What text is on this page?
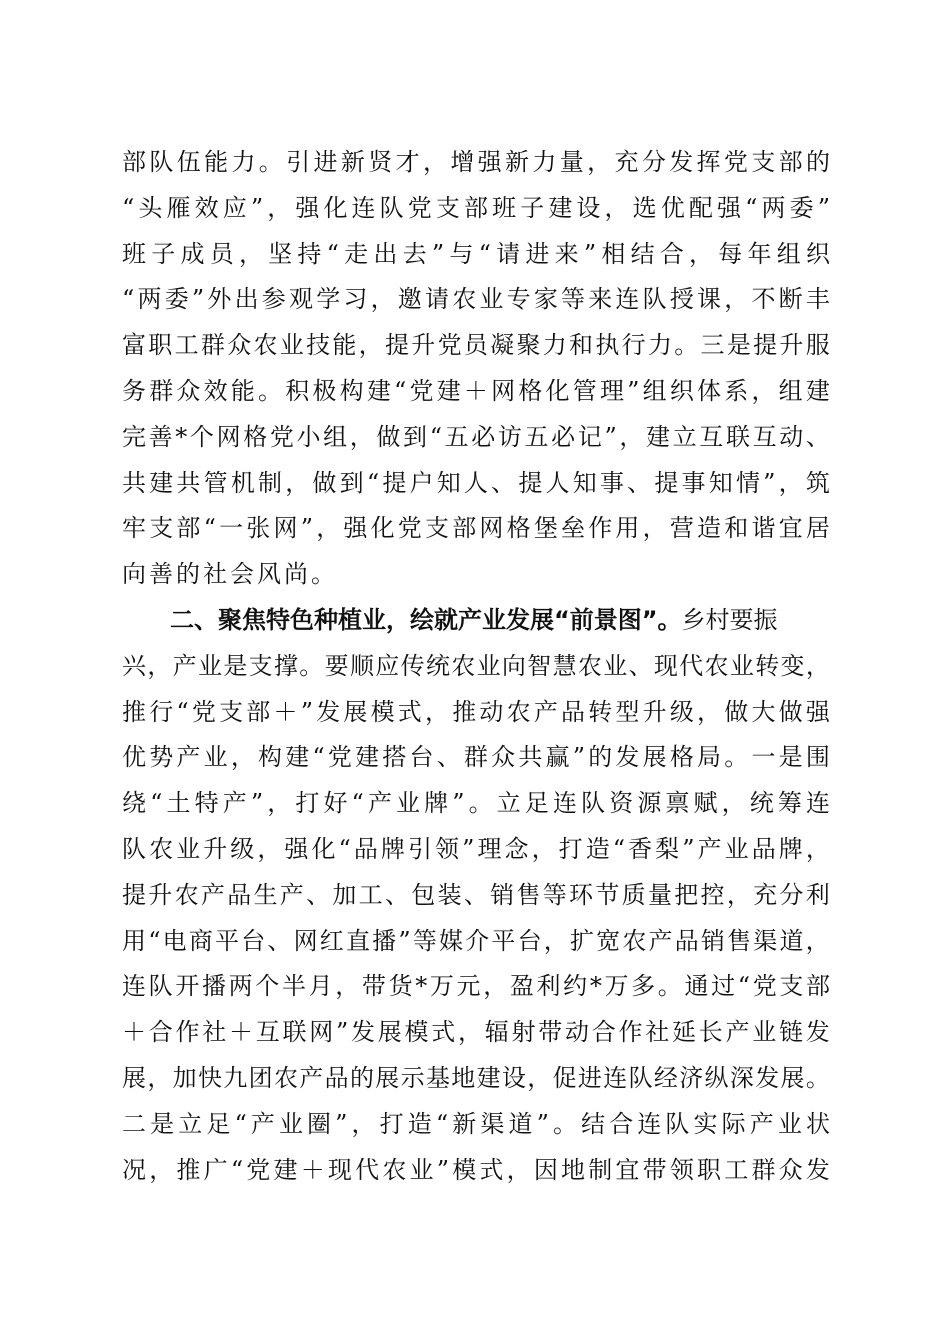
部 队 伍 能 力 。 引 进 新 贤 才 ， 增 强 新 力 量 ， 充 分 发 挥 党 支 部 的
“ 头 雁 效 应 ” ， 强 化 连 队 党 支 部 班 子 建 设 ， 选 优 配 强 “ 两 委 ”
班 子 成 员 ， 坚 持 “ 走 出 去 ” 与 “ 请 进 来 ” 相 结 合 ， 每 年 组 织
“ 两 委 ” 外 出 参 观 学 习 ， 邀 请 农 业 专 家 等 来 连 队 授 课 ， 不 断 丰
富 职 工 群 众 农 业 技 能 ， 提 升 党 员 凝 聚 力 和 执 行 力 。 三 是 提 升 服
务 群 众 效 能 。 积 极 构 建 “ 党 建 ＋ 网 格 化 管 理 ” 组 织 体 系 ， 组 建
完 善 * 个 网 格 党 小 组 ， 做 到 “ 五 必 访 五 必 记 ” ， 建 立 互 联 互 动 、
共 建 共 管 机 制 ， 做 到 “ 提 户 知 人 、 提 人 知 事 、 提 事 知 情 ” ， 筑
牢 支 部 “ 一 张 网 ” ， 强 化 党 支 部 网 格 堡 垒 作 用 ， 营 造 和 谐 宜 居
向善的社会风尚。
二、聚焦特色种植业，绘就产业发展“前景图”。 乡村要振
兴 ， 产 业 是 支 撑 。 要 顺 应 传 统 农 业 向 智 慧 农 业 、 现 代 农 业 转 变 ，
推 行 “ 党 支 部 ＋ ” 发 展 模 式 ， 推 动 农 产 品 转 型 升 级 ， 做 大 做 强
优 势 产 业 ， 构 建 “ 党 建 搭 台 、 群 众 共 赢 ” 的 发 展 格 局 。 一 是 围
绕 “ 土 特 产 ” ， 打 好 “ 产 业 牌 ” 。 立 足 连 队 资 源 禀 赋 ， 统 筹 连
队 农 业 升 级 ， 强 化 “ 品 牌 引 领 ” 理 念 ， 打 造 “ 香 梨 ” 产 业 品 牌 ，
提 升 农 产 品 生 产 、 加 工 、 包 装 、 销 售 等 环 节 质 量 把 控 ， 充 分 利
用 “ 电 商 平 台 、 网 红 直 播 ” 等 媒 介 平 台 ， 扩 宽 农 产 品 销 售 渠 道 ，
连 队 开 播 两 个 半 月 ， 带 货 * 万 元 ， 盈 利 约 * 万 多 。 通 过 “ 党 支 部
＋ 合 作 社 ＋ 互 联 网 ” 发 展 模 式 ， 辐 射 带 动 合 作 社 延 长 产 业 链 发
展 ， 加 快 九 团 农 产 品 的 展 示 基 地 建 设 ， 促 进 连 队 经 济 纵 深 发 展 。
二 是 立 足 “ 产 业 圈 ” ， 打 造 “ 新 渠 道 ” 。 结 合 连 队 实 际 产 业 状
况 ， 推 广 “ 党 建 ＋ 现 代 农 业 ” 模 式 ， 因 地 制 宜 带 领 职 工 群 众 发
